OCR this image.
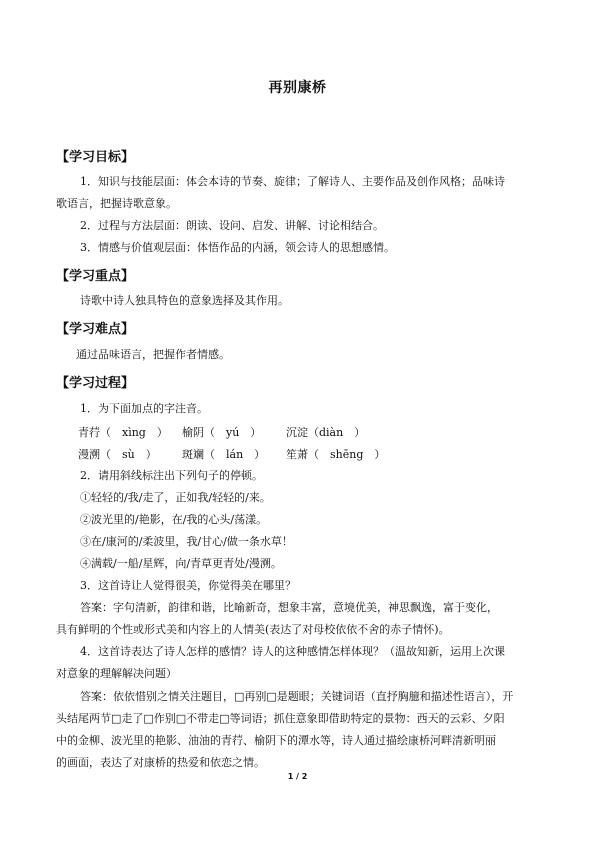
再别康桥
【学习目标】
1．知识与技能层面：体会本诗的节奏、旋律；了解诗人、主要作品及创作风格；品味诗
歌语言，把握诗歌意象。
2．过程与方法层面：朗读、设问、启发、讲解、讨论相结合。
3．情感与价值观层面：体悟作品的内涵，领会诗人的思想感情。
【学习重点】
诗歌中诗人独具特色的意象选择及其作用。
【学习难点】
通过品味语言，把握作者情感。
【学习过程】
1．为下面加点的字注音。
青荇（　xìng　） 榆阴（　yú　） 沉淀（diàn　）
漫溯（　sù　） 斑斓（　lán　） 笙萧（　shēng　）
2．请用斜线标注出下列句子的停顿。
①轻轻的/我/走了，正如我/轻轻的/来。
②波光里的/艳影，在/我的心头/荡漾。
③在/康河的/柔波里，我/甘心/做一条水草！
④满载/一船/星辉，向/青草更青处/漫溯。
3．这首诗让人觉得很美，你觉得美在哪里？
答案：字句清新，韵律和谐，比喻新奇，想象丰富，意境优美，神思飘逸，富于变化，
具有鲜明的个性或形式美和内容上的人情美(表达了对母校依依不舍的赤子情怀)。
4．这首诗表达了诗人怎样的感情？诗人的这种感情怎样体现？（温故知新，运用上次课
对意象的理解解决问题）
答案：依依惜别之情关注题目，□再别□是题眼；关键词语（直抒胸臆和描述性语言），开
头结尾两节□走了□作别□不带走□等词语；抓住意象即借助特定的景物：西天的云彩、夕阳
中的金柳、波光里的艳影、油油的青荇、榆阴下的潭水等，诗人通过描绘康桥河畔清新明丽
的画面，表达了对康桥的热爱和依恋之情。
1 / 2
